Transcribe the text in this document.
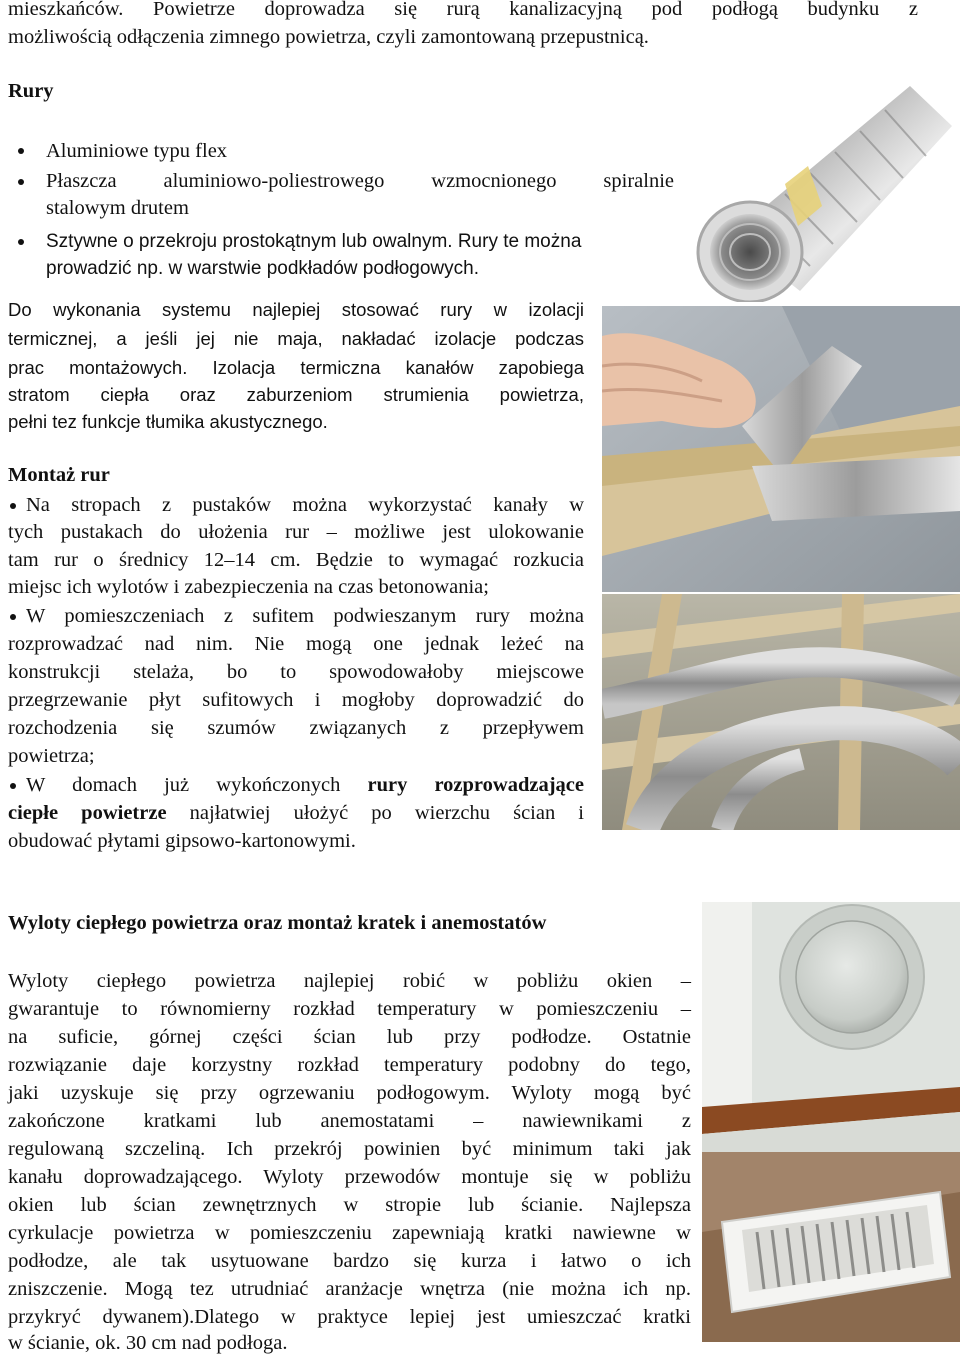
mieszkańców. Powietrze doprowadza się rurą kanalizacyjną pod podłogą budynku z
możliwością odłączenia zimnego powietrza, czyli zamontowaną przepustnicą.
Rury
Aluminiowe typu flex
Płaszcza aluminiowo-poliestrowego wzmocnionego spiralnie
stalowym drutem
Sztywne o przekroju prostokątnym lub owalnym. Rury te można
prowadzić np. w warstwie podkładów podłogowych.
Do wykonania systemu najlepiej stosować rury w izolacji
termicznej, a jeśli jej nie maja, nakładać izolacje podczas
prac montażowych. Izolacja termiczna kanałów zapobiega
stratom ciepła oraz zaburzeniom strumienia powietrza,
pełni tez funkcje tłumika akustycznego.
Montaż rur
Na stropach z pustaków można wykorzystać kanały w
tych pustakach do ułożenia rur – możliwe jest ulokowanie
tam rur o średnicy 12–14 cm. Będzie to wymagać rozkucia
miejsc ich wylotów i zabezpieczenia na czas betonowania;
W pomieszczeniach z sufitem podwieszanym rury można
rozprowadzać nad nim. Nie mogą one jednak leżeć na
konstrukcji stelaża, bo to spowodowałoby miejscowe
przegrzewanie płyt sufitowych i mogłoby doprowadzić do
rozchodzenia się szumów związanych z przepływem
powietrza;
W domach już wykończonych rury rozprowadzające
ciepłe powietrze najłatwiej ułożyć po wierzchu ścian i
obudować płytami gipsowo-kartonowymi.
Wyloty ciepłego powietrza oraz montaż kratek i anemostatów
Wyloty ciepłego powietrza najlepiej robić w pobliżu okien –
gwarantuje to równomierny rozkład temperatury w pomieszczeniu –
na suficie, górnej części ścian lub przy podłodze. Ostatnie
rozwiązanie daje korzystny rozkład temperatury podobny do tego,
jaki uzyskuje się przy ogrzewaniu podłogowym. Wyloty mogą być
zakończone kratkami lub anemostatami – nawiewnikami z
regulowaną szczeliną. Ich przekrój powinien być minimum taki jak
kanału doprowadzającego. Wyloty przewodów montuje się w pobliżu
okien lub ścian zewnętrznych w stropie lub ścianie. Najlepsza
cyrkulacje powietrza w pomieszczeniu zapewniają kratki nawiewne w
podłodze, ale tak usytuowane bardzo się kurza i łatwo o ich
zniszczenie. Mogą tez utrudniać aranżacje wnętrza (nie można ich np.
przykryć dywanem).Dlatego w praktyce lepiej jest umieszczać kratki
w ścianie, ok. 30 cm nad podłoga.
